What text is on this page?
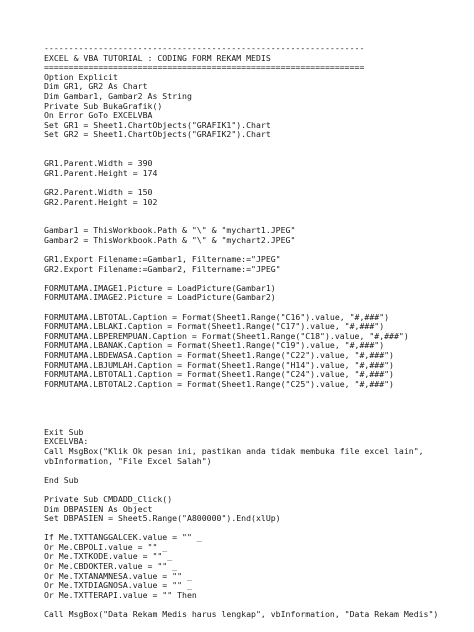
-----------------------------------------------------------------
EXCEL & VBA TUTORIAL : CODING FORM REKAM MEDIS
=================================================================
Option Explicit
Dim GR1, GR2 As Chart
Dim Gambar1, Gambar2 As String
Private Sub BukaGrafik()
On Error GoTo EXCELVBA
Set GR1 = Sheet1.ChartObjects("GRAFIK1").Chart
Set GR2 = Sheet1.ChartObjects("GRAFIK2").Chart
GR1.Parent.Width = 390
GR1.Parent.Height = 174
GR2.Parent.Width = 150
GR2.Parent.Height = 102
Gambar1 = ThisWorkbook.Path & "\" & "mychart1.JPEG"
Gambar2 = ThisWorkbook.Path & "\" & "mychart2.JPEG"
GR1.Export Filename:=Gambar1, Filtername:="JPEG"
GR2.Export Filename:=Gambar2, Filtername:="JPEG"
FORMUTAMA.IMAGE1.Picture = LoadPicture(Gambar1)
FORMUTAMA.IMAGE2.Picture = LoadPicture(Gambar2)
FORMUTAMA.LBTOTAL.Caption = Format(Sheet1.Range("C16").value, "#,###")
FORMUTAMA.LBLAKI.Caption = Format(Sheet1.Range("C17").value, "#,###")
FORMUTAMA.LBPEREMPUAN.Caption = Format(Sheet1.Range("C18").value, "#,###")
FORMUTAMA.LBANAK.Caption = Format(Sheet1.Range("C19").value, "#,###")
FORMUTAMA.LBDEWASA.Caption = Format(Sheet1.Range("C22").value, "#,###")
FORMUTAMA.LBJUMLAH.Caption = Format(Sheet1.Range("H14").value, "#,###")
FORMUTAMA.LBTOTAL1.Caption = Format(Sheet1.Range("C24").value, "#,###")
FORMUTAMA.LBTOTAL2.Caption = Format(Sheet1.Range("C25").value, "#,###")
Exit Sub
EXCELVBA:
Call MsgBox("Klik Ok pesan ini, pastikan anda tidak membuka file excel lain",
vbInformation, "File Excel Salah")
End Sub
Private Sub CMDADD_Click()
Dim DBPASIEN As Object
Set DBPASIEN = Sheet5.Range("A800000").End(xlUp)
If Me.TXTTANGGALCEK.value = "" _
Or Me.CBPOLI.value = "" _
Or Me.TXTKODE.value = "" _
Or Me.CBDOKTER.value = "" _
Or Me.TXTANAMNESA.value = "" _
Or Me.TXTDIAGNOSA.value = "" _
Or Me.TXTTERAPI.value = "" Then
Call MsgBox("Data Rekam Medis harus lengkap", vbInformation, "Data Rekam Medis")
